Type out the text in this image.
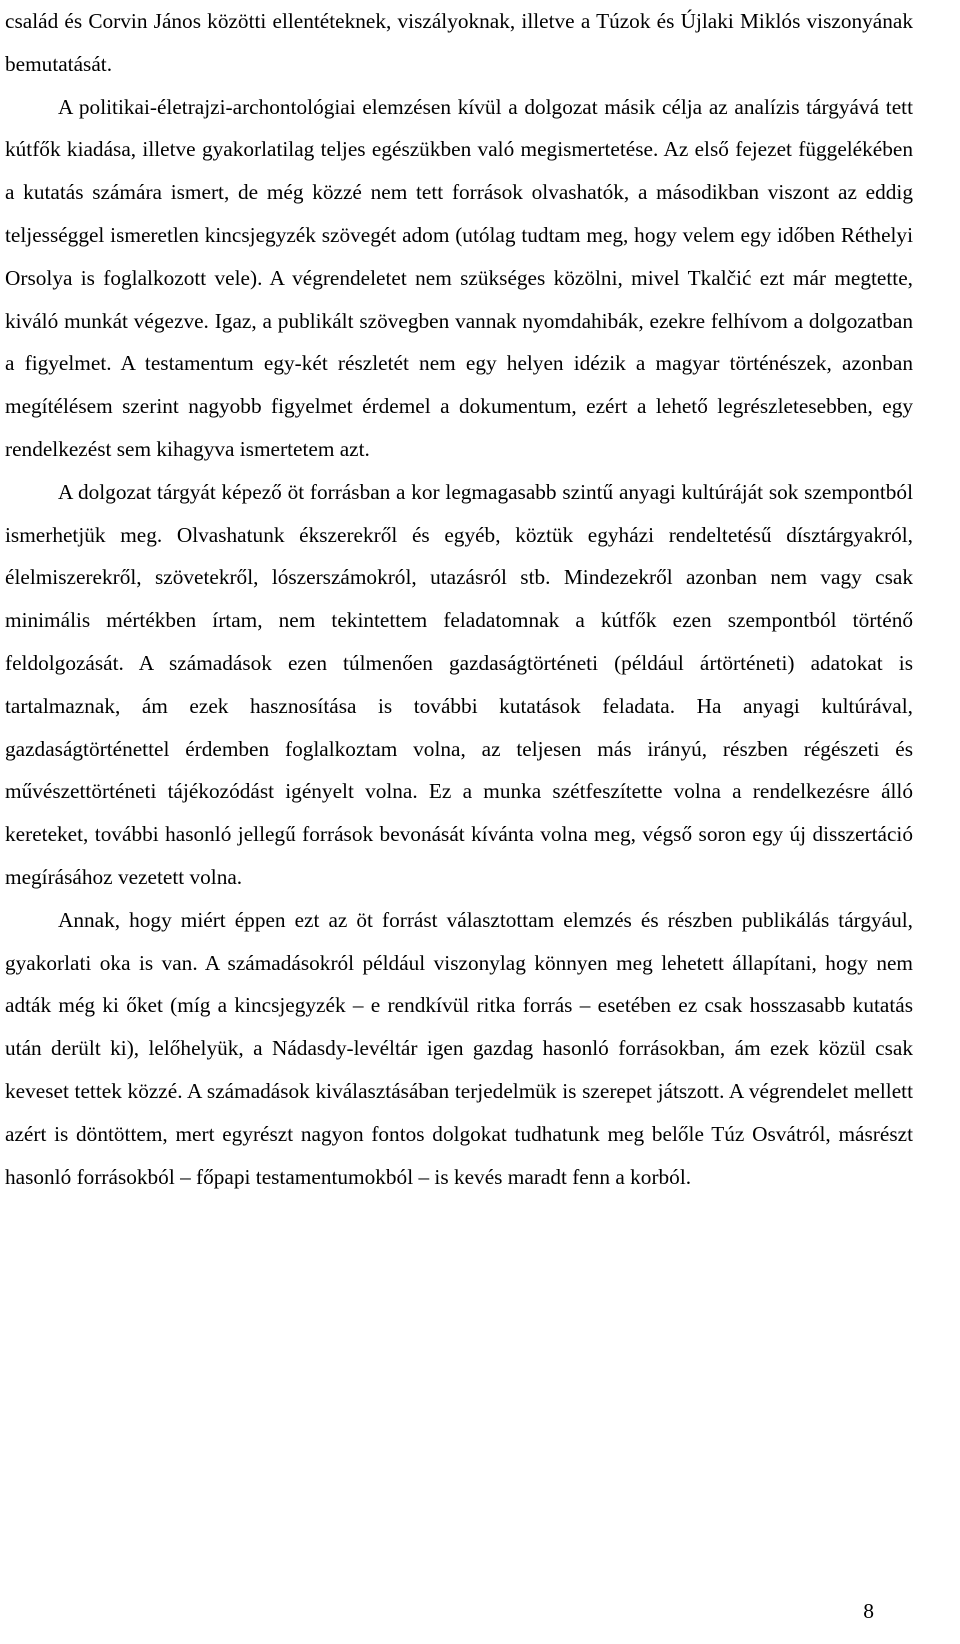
család és Corvin János közötti ellentéteknek, viszályoknak, illetve a Túzok és Újlaki Miklós viszonyának bemutatását.

A politikai-életrajzi-archontológiai elemzésen kívül a dolgozat másik célja az analízis tárgyává tett kútfők kiadása, illetve gyakorlatilag teljes egészükben való megismertetése. Az első fejezet függelékében a kutatás számára ismert, de még közzé nem tett források olvashatók, a másodikban viszont az eddig teljességgel ismeretlen kincsjegyzék szövegét adom (utólag tudtam meg, hogy velem egy időben Réthelyi Orsolya is foglalkozott vele). A végrendeletet nem szükséges közölni, mivel Tkalčić ezt már megtette, kiváló munkát végezve. Igaz, a publikált szövegben vannak nyomdahibák, ezekre felhívom a dolgozatban a figyelmet. A testamentum egy-két részletét nem egy helyen idézik a magyar történészek, azonban megítélésem szerint nagyobb figyelmet érdemel a dokumentum, ezért a lehető legrészletesebben, egy rendelkezést sem kihagyva ismertetem azt.

A dolgozat tárgyát képező öt forrásban a kor legmagasabb szintű anyagi kultúráját sok szempontból ismerhetjük meg. Olvashatunk ékszerekről és egyéb, köztük egyházi rendeltetésű dísztárgyakról, élelmiszerekről, szövetekről, lószerszámokról, utazásról stb. Mindezekről azonban nem vagy csak minimális mértékben írtam, nem tekintettem feladatomnak a kútfők ezen szempontból történő feldolgozását. A számadások ezen túlmenően gazdaságtörténeti (például ártörténeti) adatokat is tartalmaznak, ám ezek hasznosítása is további kutatások feladata. Ha anyagi kultúrával, gazdaságtörténettel érdemben foglalkoztam volna, az teljesen más irányú, részben régészeti és művészettörténeti tájékozódást igényelt volna. Ez a munka szétfeszítette volna a rendelkezésre álló kereteket, további hasonló jellegű források bevonását kívánta volna meg, végső soron egy új disszertáció megírásához vezetett volna.

Annak, hogy miért éppen ezt az öt forrást választottam elemzés és részben publikálás tárgyául, gyakorlati oka is van. A számadásokról például viszonylag könnyen meg lehetett állapítani, hogy nem adták még ki őket (míg a kincsjegyzék – e rendkívül ritka forrás – esetében ez csak hosszasabb kutatás után derült ki), lelőhelyük, a Nádasdy-levéltár igen gazdag hasonló forrásokban, ám ezek közül csak keveset tettek közzé. A számadások kiválasztásában terjedelmük is szerepet játszott. A végrendelet mellett azért is döntöttem, mert egyrészt nagyon fontos dolgokat tudhatunk meg belőle Túz Osvátról, másrészt hasonló forrásokból – főpapi testamentumokból – is kevés maradt fenn a korból.

8
